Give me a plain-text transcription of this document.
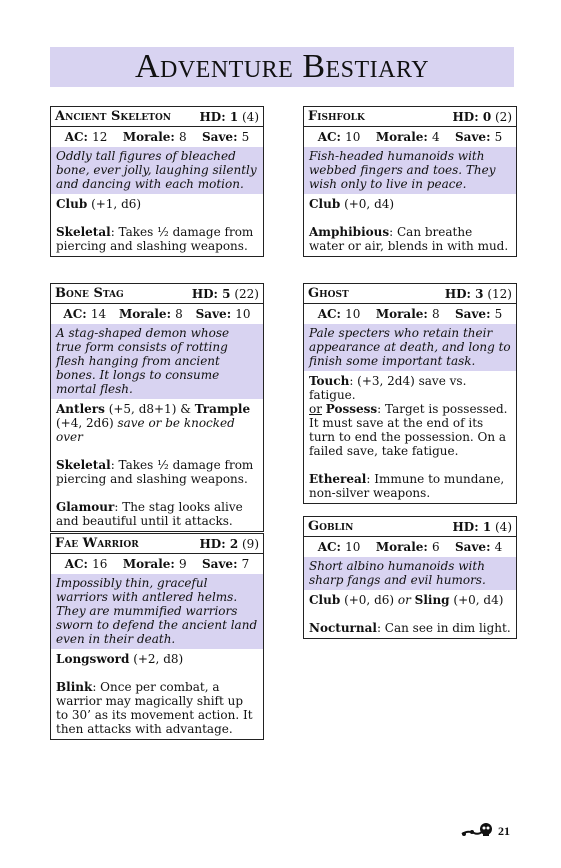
Adventure Bestiary
Ancient Skeleton HD: 1 (4)
AC: 12 Morale: 8 Save: 5
Oddly tall figures of bleached bone, ever jolly, laughing silently and dancing with each motion.

Club (+1, d6)

Skeletal: Takes ½ damage from piercing and slashing weapons.

Fishfolk	HD: 0 (2)
AC: 10 Morale: 4 Save: 5
Fish-headed humanoids with webbed fingers and toes. They wish only to live in peace.

Club (+0, d4)

Amphibious: Can breathe water or air, blends in with mud.

Bone Stag	HD: 5 (22)
AC: 14 Morale: 8 Save: 10
A stag-shaped demon whose true form consists of rotting flesh hanging from ancient bones. It longs to consume mortal flesh.

Antlers (+5, d8+1) & Trample (+4, 2d6) save or be knocked over

Skeletal: Takes ½ damage from piercing and slashing weapons.

Glamour: The stag looks alive and beautiful until it attacks.

Ghost	HD: 3 (12)
AC: 10 Morale: 8 Save: 5
Pale specters who retain their appearance at death, and long to finish some important task.

Touch: (+3, 2d4) save vs. fatigue.
or Possess: Target is possessed. It must save at the end of its turn to end the possession. On a failed save, take fatigue.

Ethereal: Immune to mundane, non-silver weapons.

Fae Warrior	HD: 2 (9)
AC: 16 Morale: 9 Save: 7
Impossibly thin, graceful warriors with antlered helms. They are mummified warriors sworn to defend the ancient land even in their death.

Longsword (+2, d8)

Blink: Once per combat, a warrior may magically shift up to 30’ as its movement action. It then attacks with advantage.

Goblin	HD: 1 (4)
AC: 10 Morale: 6 Save: 4
Short albino humanoids with sharp fangs and evil humors.

Club (+0, d6) or Sling (+0, d4)

Nocturnal: Can see in dim light.

21
